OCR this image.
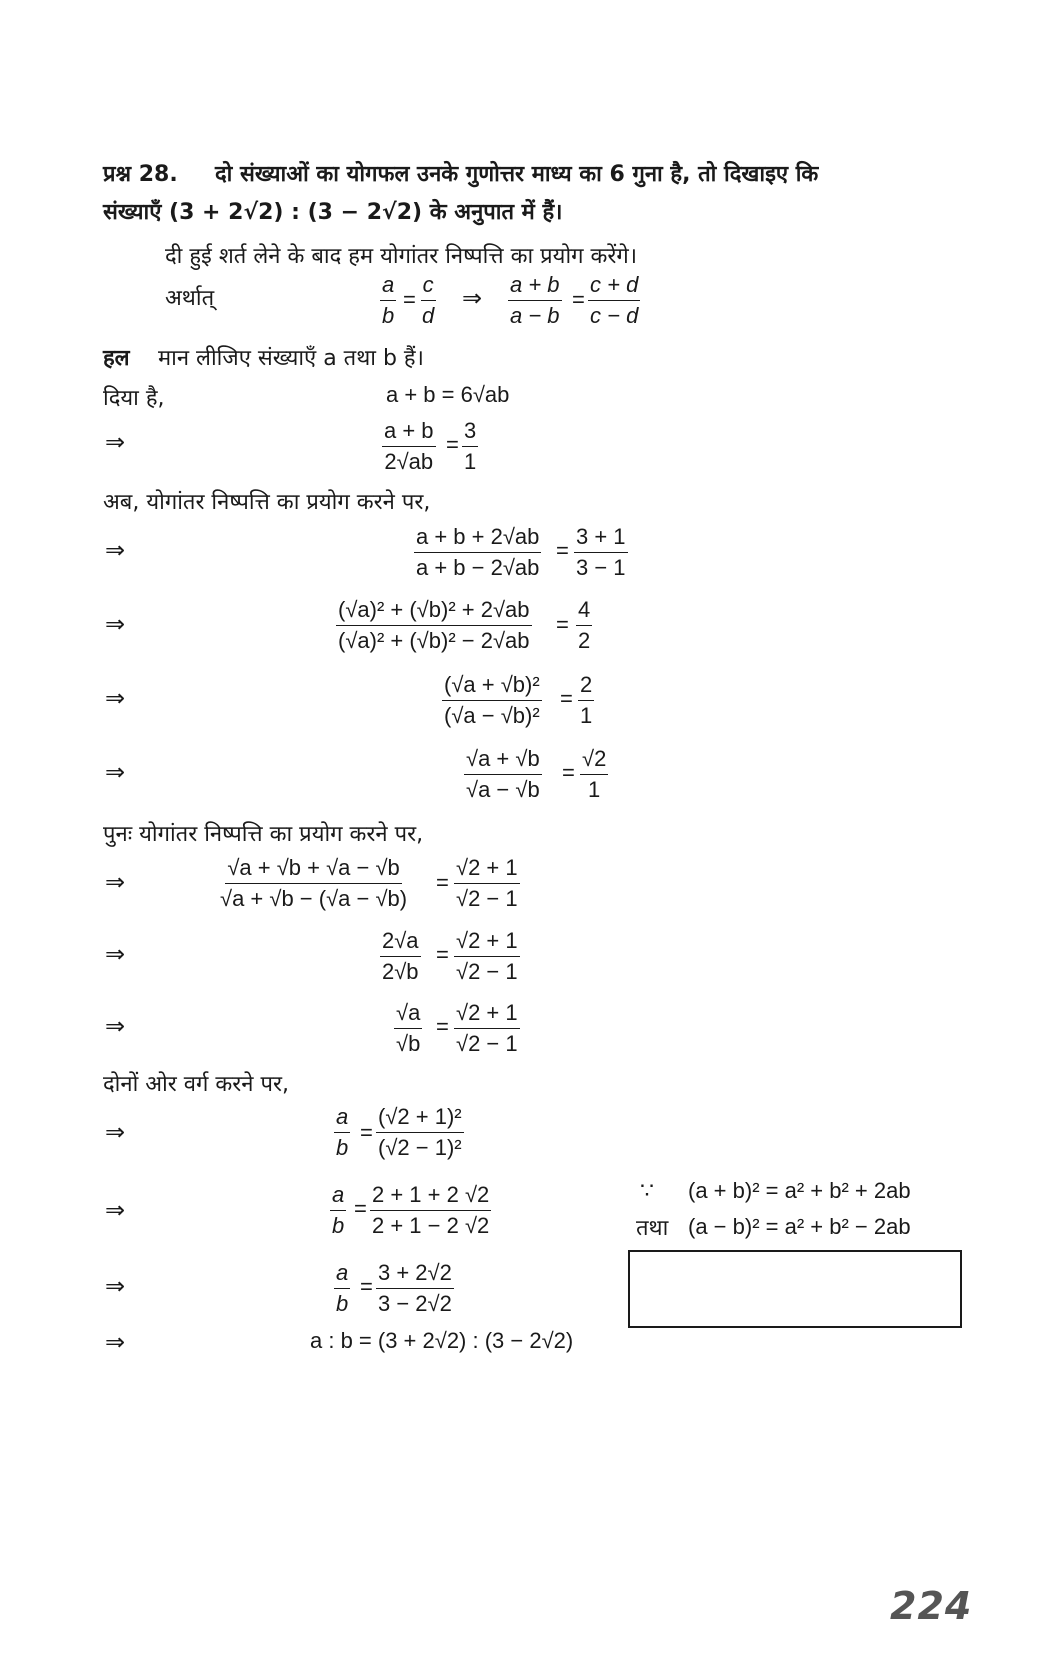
प्रश्न 28. दो संख्याओं का योगफल उनके गुणोत्तर माध्य का 6 गुना है, तो दिखाइए कि
संख्याएँ (3 + 2√2) : (3 − 2√2) के अनुपात में हैं।
दी हुई शर्त लेने के बाद हम योगांतर निष्पत्ति का प्रयोग करेंगे।
अर्थात्	$\frac{a}{b} = \frac{c}{d}$ ⇒ $\frac{a + b}{a - b} = \frac{c + d}{c - d}$
हल मान लीजिए संख्याएँ a तथा b हैं।
दिया है,	a + b = 6√ab
⇒	$\frac{a + b}{2√ab} = \frac{3}{1}$
अब, योगांतर निष्पत्ति का प्रयोग करने पर,
⇒	$\frac{a + b + 2√ab}{a + b - 2√ab} = \frac{3 + 1}{3 - 1}$
⇒	$\frac{\text{(√a)² + (√b)² + 2√ab}}{\text{(√a)² + (√b)² − 2√ab}} = \frac{4}{2}$
⇒	$\frac{\text{(√a + √b)²}}{\text{(√a − √b)²}} = \frac{2}{1}$
⇒	$\frac{√a + √b}{√a - √b} = \frac{√2}{1}$
पुनः योगांतर निष्पत्ति का प्रयोग करने पर,
⇒	$\frac{√a + √b + √a - √b}{√a + √b - (√a - √b)} = \frac{√2 + 1}{√2 - 1}$
⇒	$\frac{2√a}{2√b} = \frac{√2 + 1}{√2 - 1}$
⇒	$\frac{√a}{√b} = \frac{√2 + 1}{√2 - 1}$
दोनों ओर वर्ग करने पर,
⇒	$\frac{a}{b} = \frac{\text{(√2 + 1)²}}{\text{(√2 − 1)²}}$
⇒	$\frac{a}{b} = \frac{2 + 1 + 2 √2}{2 + 1 - 2 √2}$	∵ (a + b)² = a² + b² + 2ab
तथा (a − b)² = a² + b² − 2ab
⇒	$\frac{a}{b} = \frac{3 + 2√2}{3 - 2√2}$
⇒	a : b = (3 + 2√2) : (3 − 2√2)
224
